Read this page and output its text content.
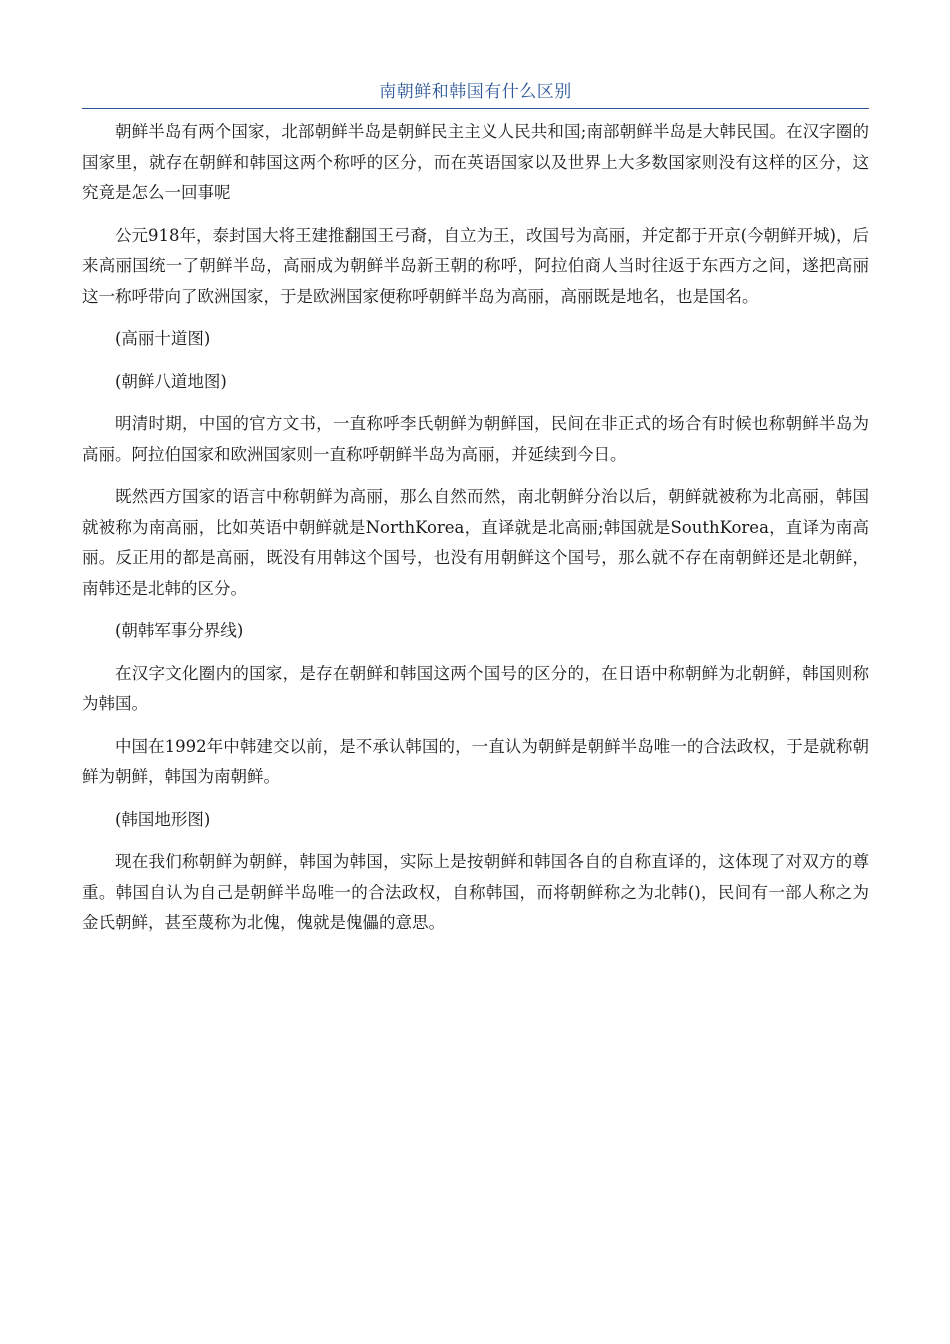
南朝鲜和韩国有什么区别

朝鲜半岛有两个国家，北部朝鲜半岛是朝鲜民主主义人民共和国;南部朝鲜半岛是大韩民国。在汉字圈的国家里，就存在朝鲜和韩国这两个称呼的区分，而在英语国家以及世界上大多数国家则没有这样的区分，这究竟是怎么一回事呢

公元918年，泰封国大将王建推翻国王弓裔，自立为王，改国号为高丽，并定都于开京(今朝鲜开城)，后来高丽国统一了朝鲜半岛，高丽成为朝鲜半岛新王朝的称呼，阿拉伯商人当时往返于东西方之间，遂把高丽这一称呼带向了欧洲国家，于是欧洲国家便称呼朝鲜半岛为高丽，高丽既是地名，也是国名。

(高丽十道图)

(朝鲜八道地图)

明清时期，中国的官方文书，一直称呼李氏朝鲜为朝鲜国，民间在非正式的场合有时候也称朝鲜半岛为高丽。阿拉伯国家和欧洲国家则一直称呼朝鲜半岛为高丽，并延续到今日。

既然西方国家的语言中称朝鲜为高丽，那么自然而然，南北朝鲜分治以后，朝鲜就被称为北高丽，韩国就被称为南高丽，比如英语中朝鲜就是NorthKorea，直译就是北高丽;韩国就是SouthKorea，直译为南高丽。反正用的都是高丽，既没有用韩这个国号，也没有用朝鲜这个国号，那么就不存在南朝鲜还是北朝鲜，南韩还是北韩的区分。

(朝韩军事分界线)

在汉字文化圈内的国家，是存在朝鲜和韩国这两个国号的区分的，在日语中称朝鲜为北朝鲜，韩国则称为韩国。

中国在1992年中韩建交以前，是不承认韩国的，一直认为朝鲜是朝鲜半岛唯一的合法政权，于是就称朝鲜为朝鲜，韩国为南朝鲜。

(韩国地形图)

现在我们称朝鲜为朝鲜，韩国为韩国，实际上是按朝鲜和韩国各自的自称直译的，这体现了对双方的尊重。韩国自认为自己是朝鲜半岛唯一的合法政权，自称韩国，而将朝鲜称之为北韩()，民间有一部人称之为金氏朝鲜，甚至蔑称为北傀，傀就是傀儡的意思。
